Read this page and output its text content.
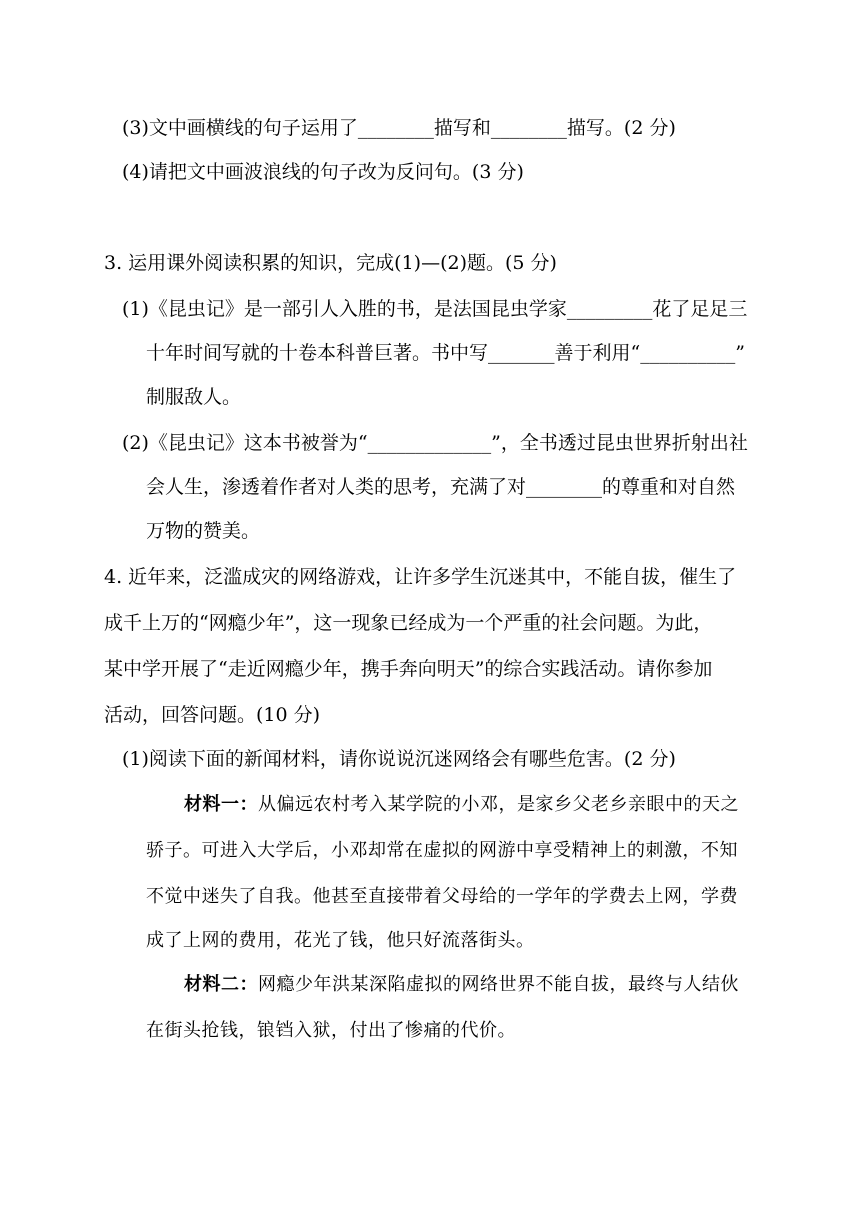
(3)文中画横线的句子运用了________描写和________描写。(2 分)
(4)请把文中画波浪线的句子改为反问句。(3 分)
3. 运用课外阅读积累的知识，完成(1)—(2)题。(5 分)
(1)《昆虫记》是一部引人入胜的书，是法国昆虫学家_________花了足足三
十年时间写就的十卷本科普巨著。书中写_______善于利用“__________”
制服敌人。
(2)《昆虫记》这本书被誉为“_____________”，全书透过昆虫世界折射出社
会人生，渗透着作者对人类的思考，充满了对________的尊重和对自然
万物的赞美。
4. 近年来，泛滥成灾的网络游戏，让许多学生沉迷其中，不能自拔，催生了
成千上万的“网瘾少年”，这一现象已经成为一个严重的社会问题。为此，
某中学开展了“走近网瘾少年，携手奔向明天”的综合实践活动。请你参加
活动，回答问题。(10 分)
(1)阅读下面的新闻材料，请你说说沉迷网络会有哪些危害。(2 分)
材料一：从偏远农村考入某学院的小邓，是家乡父老乡亲眼中的天之
骄子。可进入大学后，小邓却常在虚拟的网游中享受精神上的刺激，不知
不觉中迷失了自我。他甚至直接带着父母给的一学年的学费去上网，学费
成了上网的费用，花光了钱，他只好流落街头。
材料二：网瘾少年洪某深陷虚拟的网络世界不能自拔，最终与人结伙
在街头抢钱，锒铛入狱，付出了惨痛的代价。
